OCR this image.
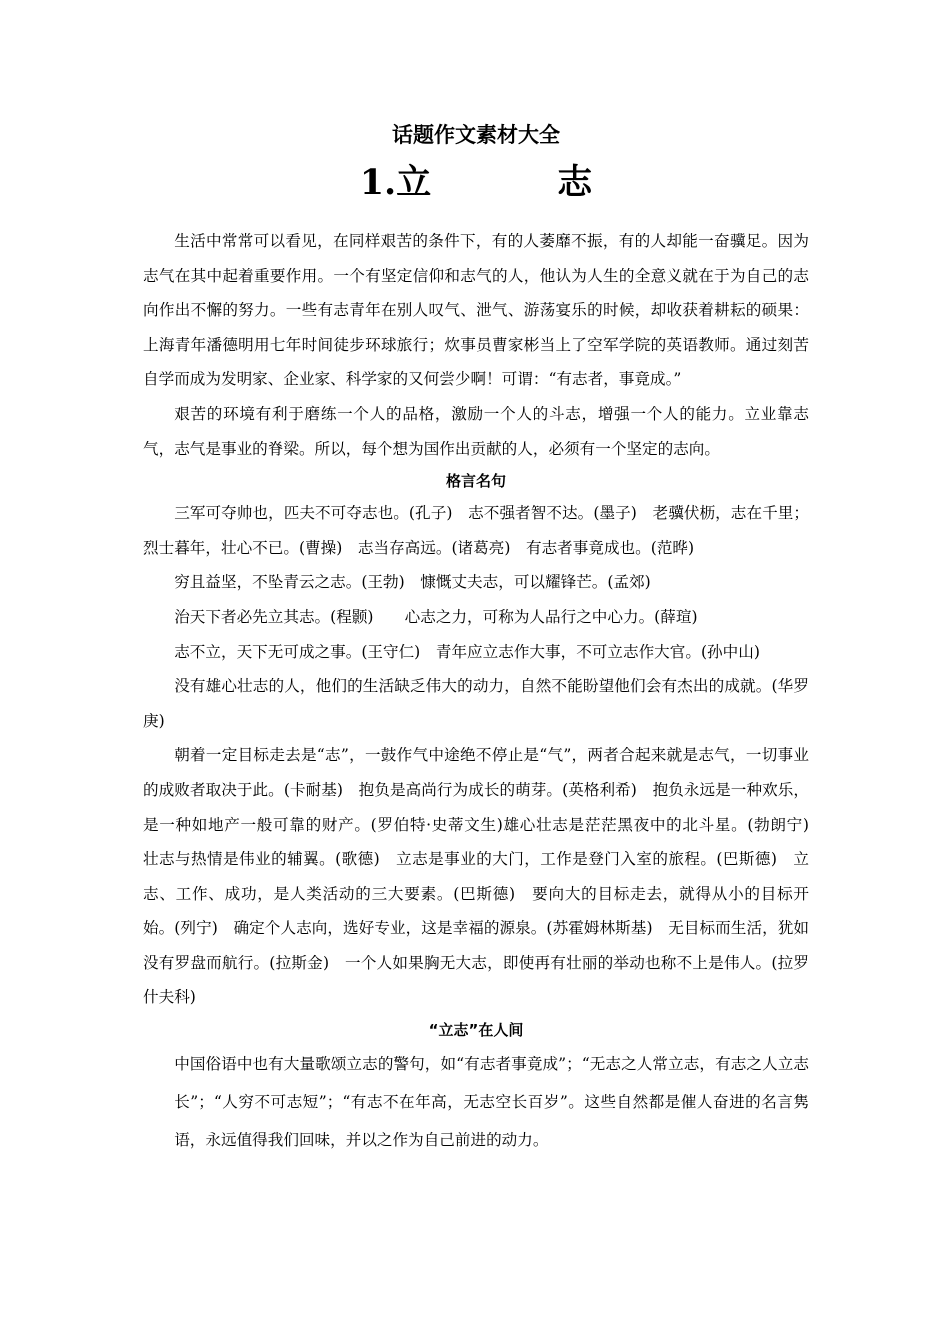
话题作文素材大全
1.立	志

生活中常常可以看见，在同样艰苦的条件下，有的人萎靡不振，有的人却能一奋骥足。因为志气在其中起着重要作用。一个有坚定信仰和志气的人，他认为人生的全意义就在于为自己的志向作出不懈的努力。一些有志青年在别人叹气、泄气、游荡宴乐的时候，却收获着耕耘的硕果：上海青年潘德明用七年时间徒步环球旅行；炊事员曹家彬当上了空军学院的英语教师。通过刻苦自学而成为发明家、企业家、科学家的又何尝少啊！可谓：“有志者，事竟成。”

艰苦的环境有利于磨练一个人的品格，激励一个人的斗志，增强一个人的能力。立业靠志气，志气是事业的脊梁。所以，每个想为国作出贡献的人，必须有一个坚定的志向。

格言名句

三军可夺帅也，匹夫不可夺志也。(孔子)　志不强者智不达。(墨子)　老骥伏枥，志在千里；烈士暮年，壮心不已。(曹操)　志当存高远。(诸葛亮)　有志者事竟成也。(范晔)

穷且益坚，不坠青云之志。(王勃)　慷慨丈夫志，可以耀锋芒。(孟郊)

治天下者必先立其志。(程颢)　　心志之力，可称为人品行之中心力。(薛瑄)

志不立，天下无可成之事。(王守仁)　青年应立志作大事，不可立志作大官。(孙中山)

没有雄心壮志的人，他们的生活缺乏伟大的动力，自然不能盼望他们会有杰出的成就。(华罗庚)

朝着一定目标走去是“志”，一鼓作气中途绝不停止是“气”，两者合起来就是志气，一切事业的成败者取决于此。(卡耐基)　抱负是高尚行为成长的萌芽。(英格利希)　抱负永远是一种欢乐，是一种如地产一般可靠的财产。(罗伯特·史蒂文生)雄心壮志是茫茫黑夜中的北斗星。(勃朗宁)　壮志与热情是伟业的辅翼。(歌德)　立志是事业的大门，工作是登门入室的旅程。(巴斯德)　立志、工作、成功，是人类活动的三大要素。(巴斯德)　要向大的目标走去，就得从小的目标开始。(列宁)　确定个人志向，选好专业，这是幸福的源泉。(苏霍姆林斯基)　无目标而生活，犹如没有罗盘而航行。(拉斯金)　一个人如果胸无大志，即使再有壮丽的举动也称不上是伟人。(拉罗什夫科)

“立志”在人间

中国俗语中也有大量歌颂立志的警句，如“有志者事竟成”；“无志之人常立志，有志之人立志长”；“人穷不可志短”；“有志不在年高，无志空长百岁”。这些自然都是催人奋进的名言隽语，永远值得我们回味，并以之作为自己前进的动力。
